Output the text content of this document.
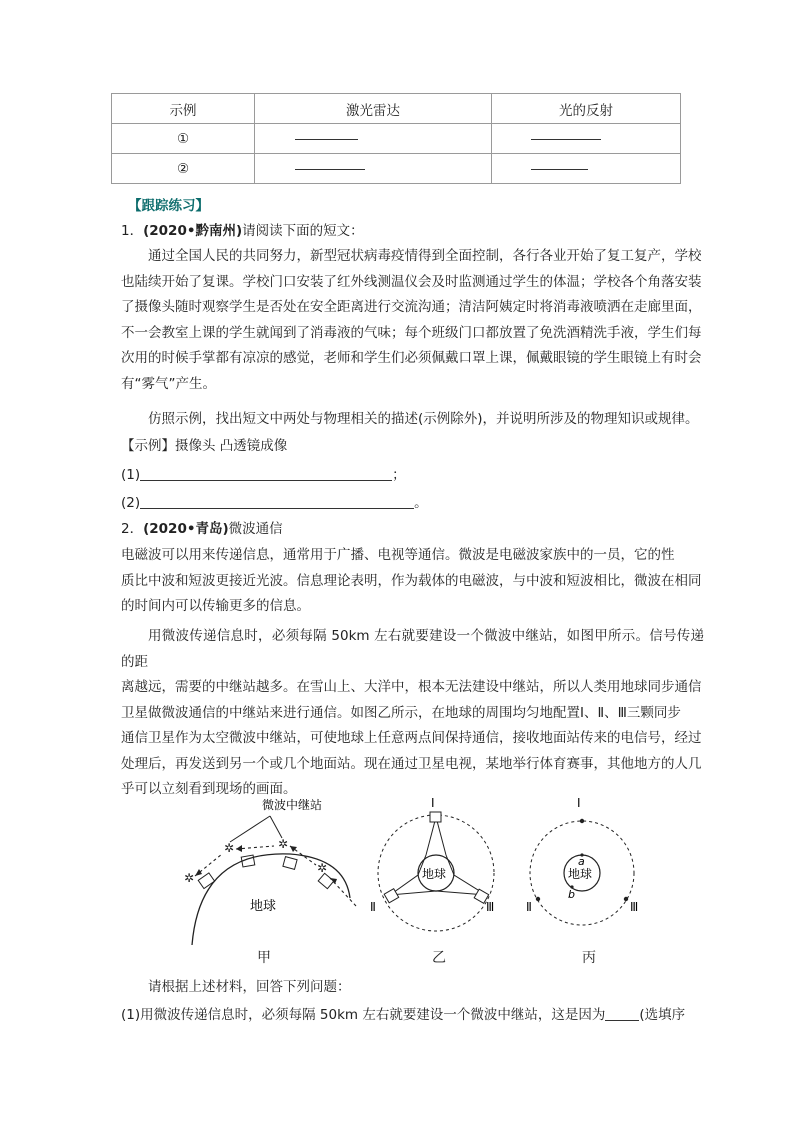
示例	激光雷达	光的反射
①		
②		
【跟踪练习】
1．(2020•黔南州)请阅读下面的短文：
通过全国人民的共同努力，新型冠状病毒疫情得到全面控制，各行各业开始了复工复产，学校
也陆续开始了复课。学校门口安装了红外线测温仪会及时监测通过学生的体温；学校各个角落安装
了摄像头随时观察学生是否处在安全距离进行交流沟通；清洁阿姨定时将消毒液喷洒在走廊里面，
不一会教室上课的学生就闻到了消毒液的气味；每个班级门口都放置了免洗酒精洗手液，学生们每
次用的时候手掌都有凉凉的感觉，老师和学生们必须佩戴口罩上课，佩戴眼镜的学生眼镜上有时会
有“雾气”产生。
仿照示例，找出短文中两处与物理相关的描述(示例除外)，并说明所涉及的物理知识或规律。
【示例】摄像头 凸透镜成像
(1)	；
(2)	。
2．(2020•青岛)微波通信
电磁波可以用来传递信息，通常用于广播、电视等通信。微波是电磁波家族中的一员，它的性
质比中波和短波更接近光波。信息理论表明，作为载体的电磁波，与中波和短波相比，微波在相同
的时间内可以传输更多的信息。
用微波传递信息时，必须每隔 50km 左右就要建设一个微波中继站，如图甲所示。信号传递的距
离越远，需要的中继站越多。在雪山上、大洋中，根本无法建设中继站，所以人类用地球同步通信
卫星做微波通信的中继站来进行通信。如图乙所示，在地球的周围均匀地配置Ⅰ、Ⅱ、Ⅲ三颗同步
通信卫星作为太空微波中继站，可使地球上任意两点间保持通信，接收地面站传来的电信号，经过
处理后，再发送到另一个或几个地面站。现在通过卫星电视，某地举行体育赛事，其他地方的人几
乎可以立刻看到现场的画面。
微波中继站
✲
✲	✲
✲
地球
甲
地球
Ⅰ
Ⅱ	Ⅲ
乙
地球
a
b
Ⅰ
Ⅱ	Ⅲ
丙
请根据上述材料，回答下列问题：
(1)用微波传递信息时，必须每隔 50km 左右就要建设一个微波中继站，这是因为	(选填序
